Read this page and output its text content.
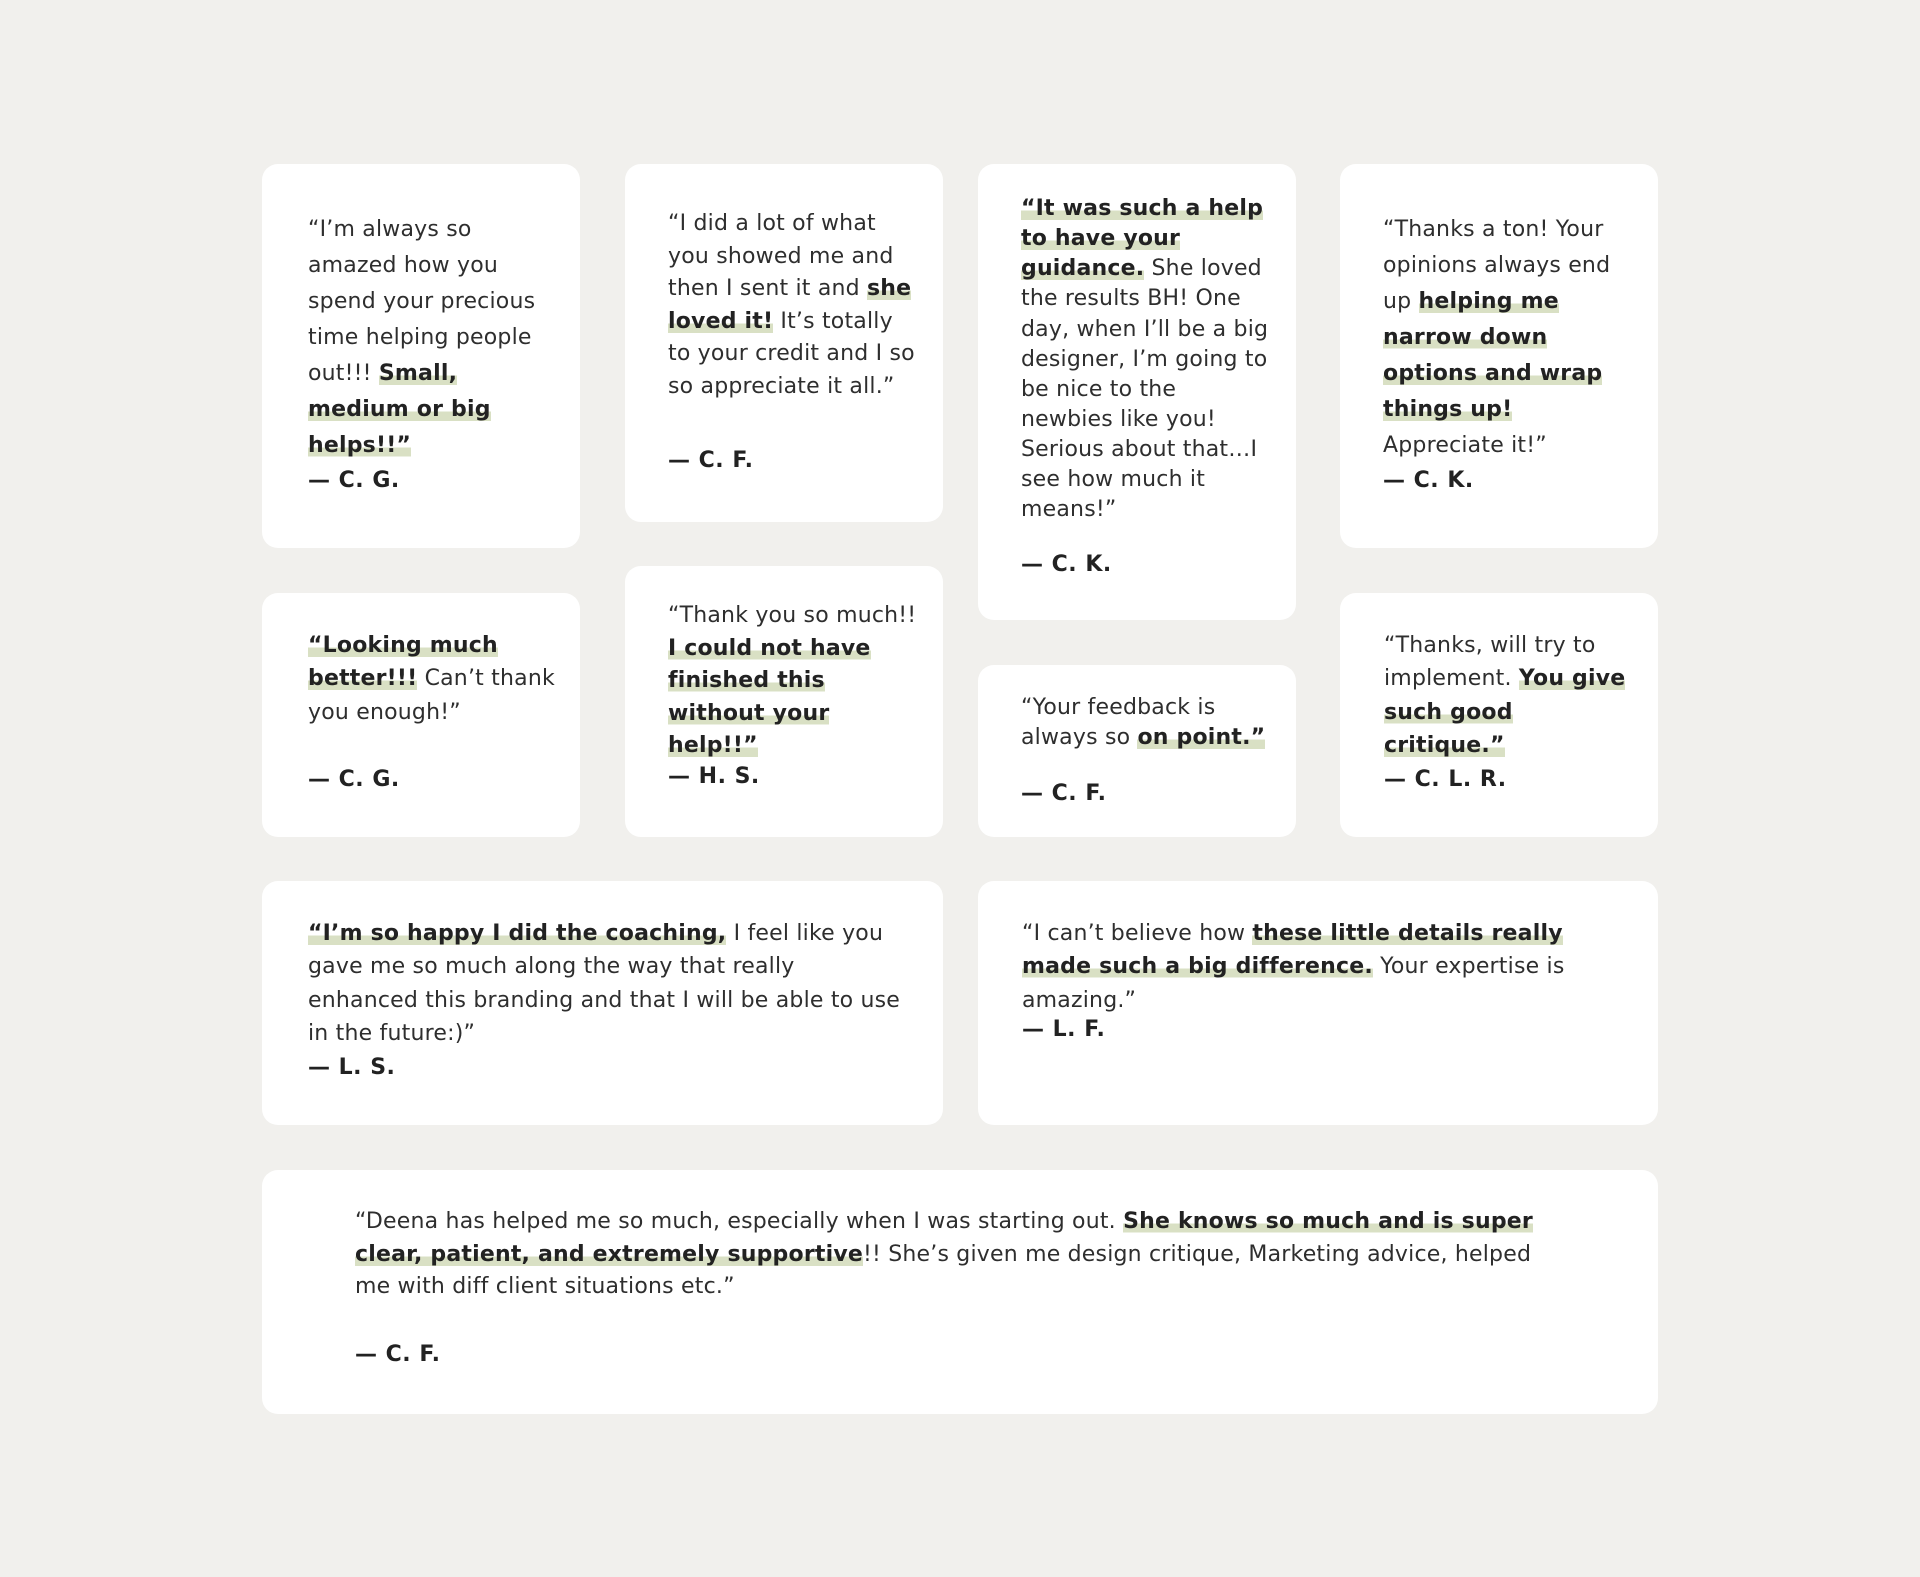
“I’m always so amazed how you spend your precious time helping people out!!! Small, medium or big helps!!”
— C. G.
“I did a lot of what you showed me and then I sent it and she loved it! It’s totally to your credit and I so so appreciate it all.”
— C. F.
“It was such a help to have your guidance. She loved the results BH! One day, when I’ll be a big designer, I’m going to be nice to the newbies like you! Serious about that…I see how much it means!”
— C. K.
“Thanks a ton! Your opinions always end up helping me narrow down options and wrap things up! Appreciate it!”
— C. K.
“Looking much better!!! Can’t thank you enough!”
— C. G.
“Thank you so much!! I could not have finished this without your help!!”
— H. S.
“Your feedback is always so on point.”
— C. F.
“Thanks, will try to implement. You give such good critique.”
— C. L. R.
“I’m so happy I did the coaching, I feel like you gave me so much along the way that really enhanced this branding and that I will be able to use in the future:)”
— L. S.
“I can’t believe how these little details really made such a big difference. Your expertise is amazing.”
— L. F.
“Deena has helped me so much, especially when I was starting out. She knows so much and is super clear, patient, and extremely supportive!! She’s given me design critique, Marketing advice, helped me with diff client situations etc.”
— C. F.
